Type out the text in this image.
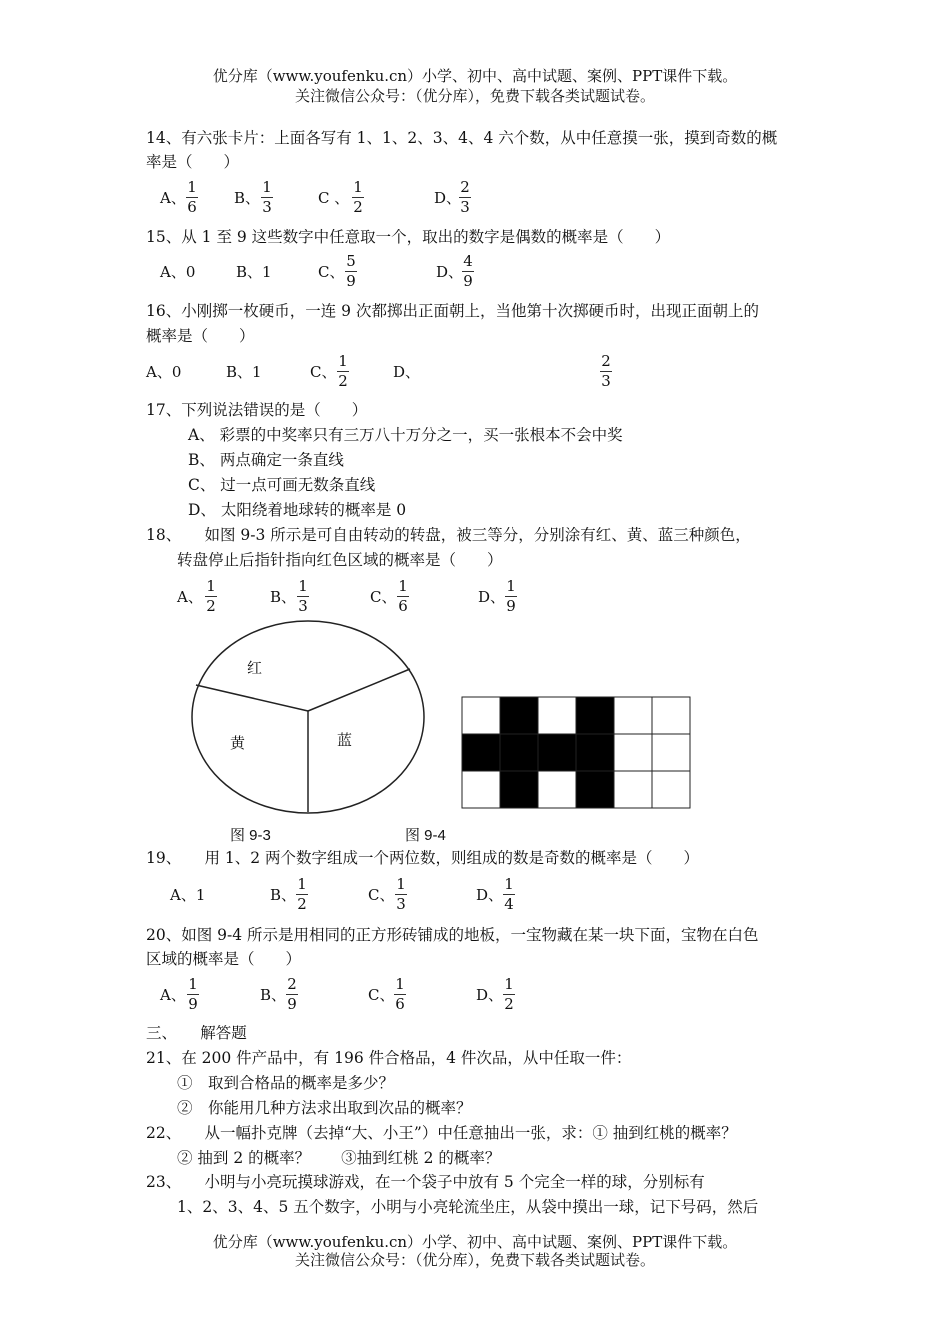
优分库（www.youfenku.cn）小学、初中、高中试题、案例、PPT课件下载。
关注微信公众号：（优分库），免费下载各类试题试卷。
14、有六张卡片：上面各写有 1、1、2、3、4、4 六个数，从中任意摸一张，摸到奇数的概
率是（　　）
A、
1
6 B、
1
3	C 、
1
2	D、
2
3
15、从 1 至 9 这些数字中任意取一个，取出的数字是偶数的概率是（　　）
A、0	B、1	C、
5
9	D、
4
9
16、小刚掷一枚硬币，一连 9 次都掷出正面朝上，当他第十次掷硬币时，出现正面朝上的
概率是（　　）
A、0	B、1	C、
1
2	D、
2
3
17、下列说法错误的是（　　）
A、 彩票的中奖率只有三万八十万分之一，买一张根本不会中奖
B、 两点确定一条直线
C、 过一点可画无数条直线
D、 太阳绕着地球转的概率是 0
18、　　如图 9-3 所示是可自由转动的转盘，被三等分，分别涂有红、黄、蓝三种颜色，
转盘停止后指针指向红色区域的概率是（　　）
A、
1
2	B、
1
3	C、
1
6	D、
1
9
红
黄	蓝
图 9-3	图 9-4
19、　　用 1、2 两个数字组成一个两位数，则组成的数是奇数的概率是（　　）
A、1	B、
1
2	C、
1
3	D、
1
4
20、如图 9-4 所示是用相同的正方形砖铺成的地板，一宝物藏在某一块下面，宝物在白色
区域的概率是（　　）
A、
1
9	B、
2
9	C、
1
6	D、
1
2
三、　　解答题
21、在 200 件产品中，有 196 件合格品，4 件次品，从中任取一件：
①　取到合格品的概率是多少？
②　你能用几种方法求出取到次品的概率？
22、　　从一幅扑克牌（去掉“大、小王”）中任意抽出一张，求：① 抽到红桃的概率？
② 抽到 2 的概率？　　③抽到红桃 2 的概率？
23、　　小明与小亮玩摸球游戏，在一个袋子中放有 5 个完全一样的球，分别标有
1、2、3、4、5 五个数字，小明与小亮轮流坐庄，从袋中摸出一球，记下号码，然后
优分库（www.youfenku.cn）小学、初中、高中试题、案例、PPT课件下载。
关注微信公众号：（优分库），免费下载各类试题试卷。
